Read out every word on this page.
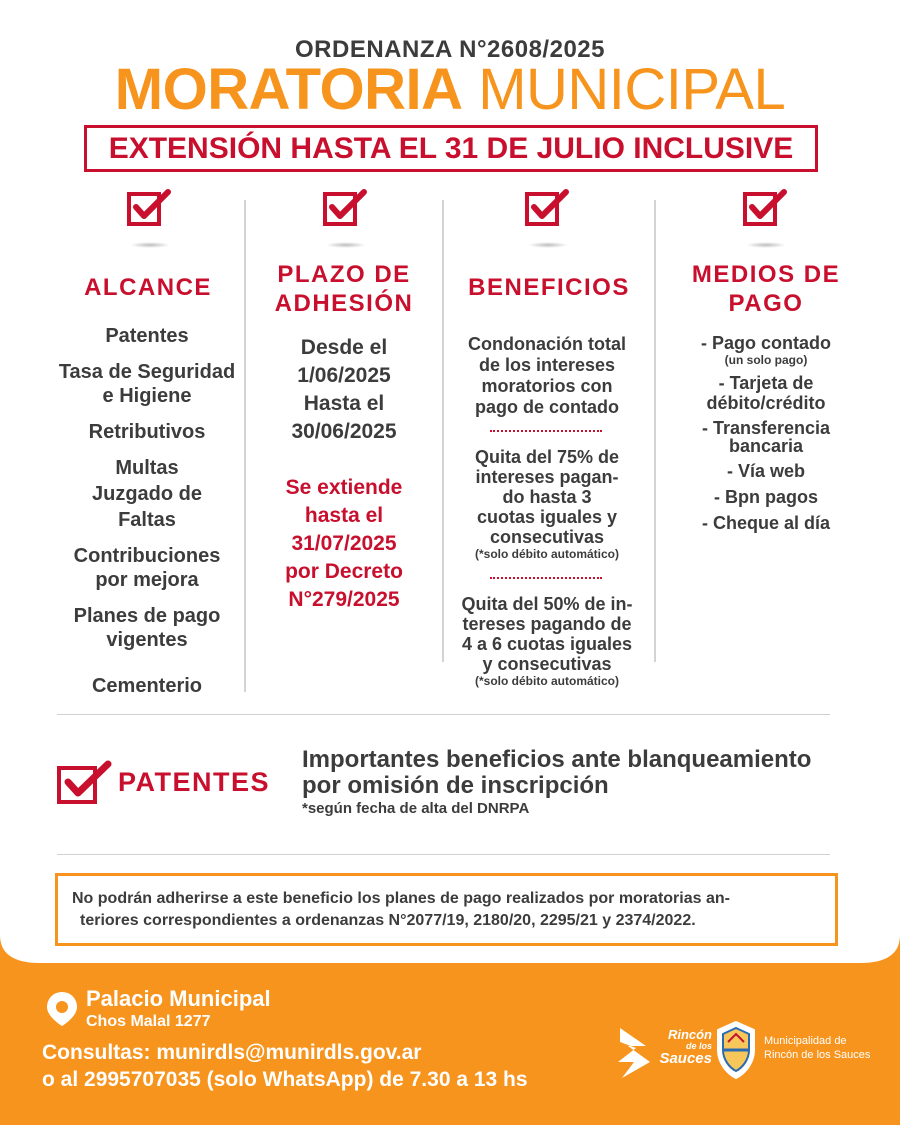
ORDENANZA N°2608/2025
MORATORIA MUNICIPAL
EXTENSIÓN HASTA EL 31 DE JULIO INCLUSIVE
ALCANCE
Patentes
Tasa de Seguridad
e Higiene
Retributivos
Multas
Juzgado de
Faltas
Contribuciones
por mejora
Planes de pago
vigentes
Cementerio
PLAZO DE
ADHESIÓN
Desde el
1/06/2025
Hasta el
30/06/2025
Se extiende
hasta el
31/07/2025
por Decreto
N°279/2025
BENEFICIOS
Condonación total
de los intereses
moratorios con
pago de contado
Quita del 75% de
intereses pagan-
do hasta 3
cuotas iguales y
consecutivas
(*solo débito automático)
Quita del 50% de in-
tereses pagando de
4 a 6 cuotas iguales
y consecutivas
(*solo débito automático)
MEDIOS DE
PAGO
- Pago contado
(un solo pago)
- Tarjeta de
débito/crédito
- Transferencia
bancaria
- Vía web
- Bpn pagos
- Cheque al día
PATENTES
Importantes beneficios ante blanqueamiento
por omisión de inscripción
*según fecha de alta del DNRPA
No podrán adherirse a este beneficio los planes de pago realizados por moratorias an-
teriores correspondientes a ordenanzas N°2077/19, 2180/20, 2295/21 y 2374/2022.
Palacio Municipal
Chos Malal 1277
Consultas: munirdls@munirdls.gov.ar
o al 2995707035 (solo WhatsApp) de 7.30 a 13 hs
Rincón
de los
Sauces
Municipalidad de
Rincón de los Sauces
